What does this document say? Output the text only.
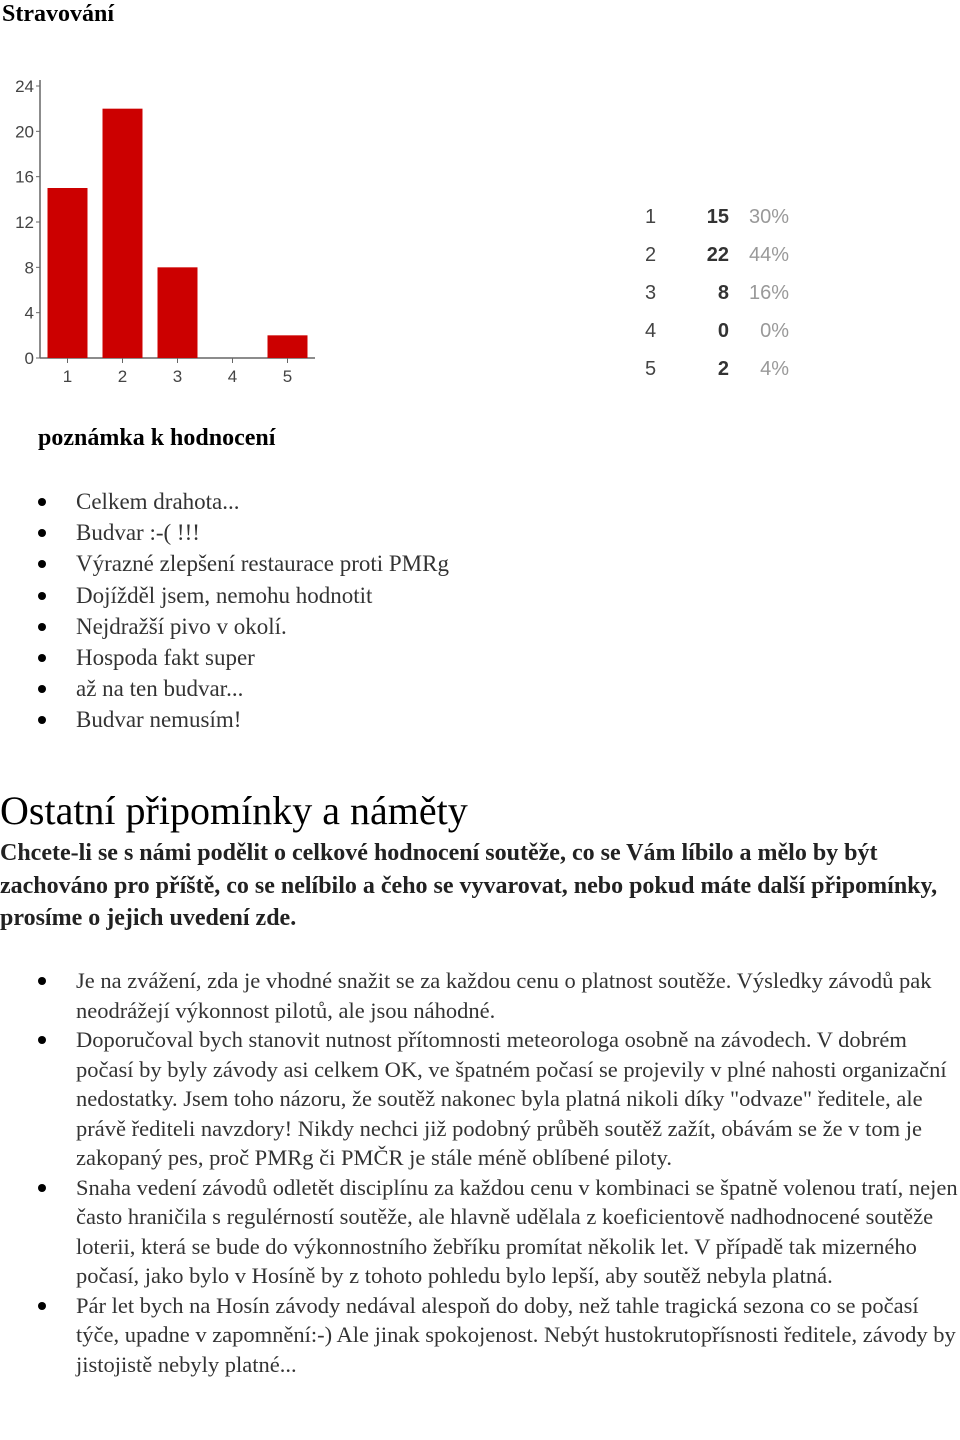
Stravování
0
4
8
12
16
20
24
1	2	3	4	5
1	15 30%
2	22 44%
3	8 16%
4	0	0%
5	2	4%
poznámka k hodnocení
Celkem drahota...
Budvar :-( !!!
Výrazné zlepšení restaurace proti PMRg
Dojížděl jsem, nemohu hodnotit
Nejdražší pivo v okolí.
Hospoda fakt super
až na ten budvar...
Budvar nemusím!
Ostatní připomínky a náměty

Chcete-li se s námi podělit o celkové hodnocení soutěže, co se Vám líbilo a mělo by být zachováno pro příště, co se nelíbilo a čeho se vyvarovat, nebo pokud máte další připomínky, prosíme o jejich uvedení zde.

Je na zvážení, zda je vhodné snažit se za každou cenu o platnost soutěže. Výsledky závodů pak neodrážejí výkonnost pilotů, ale jsou náhodné.
Doporučoval bych stanovit nutnost přítomnosti meteorologa osobně na závodech. V dobrém počasí by byly závody asi celkem OK, ve špatném počasí se projevily v plné nahosti organizační nedostatky. Jsem toho názoru, že soutěž nakonec byla platná nikoli díky "odvaze" ředitele, ale právě řediteli navzdory! Nikdy nechci již podobný průběh soutěž zažít, obávám se že v tom je zakopaný pes, proč PMRg či PMČR je stále méně oblíbené piloty.
Snaha vedení závodů odletět disciplínu za každou cenu v kombinaci se špatně volenou tratí, nejen často hraničila s regulérností soutěže, ale hlavně udělala z koeficientově nadhodnocené soutěže loterii, která se bude do výkonnostního žebříku promítat několik let. V případě tak mizerného počasí, jako bylo v Hosíně by z tohoto pohledu bylo lepší, aby soutěž nebyla platná.
Pár let bych na Hosín závody nedával alespoň do doby, než tahle tragická sezona co se počasí týče, upadne v zapomnění:-) Ale jinak spokojenost. Nebýt hustokrutopřísnosti ředitele, závody by jistojistě nebyly platné...
